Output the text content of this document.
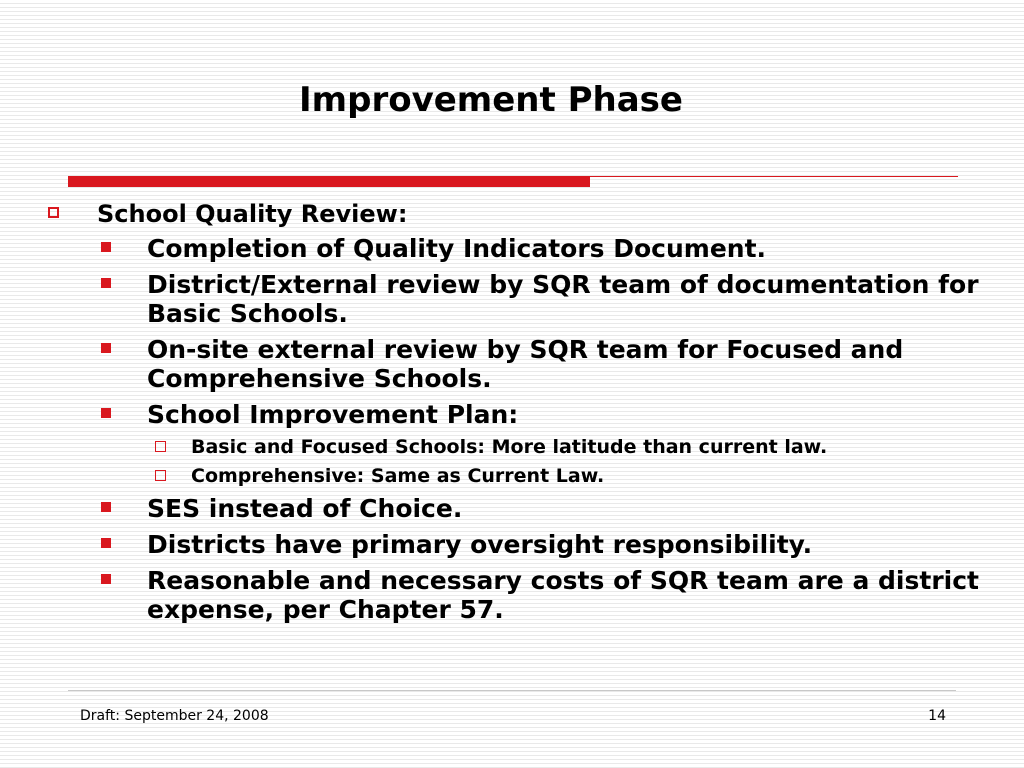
Improvement Phase
School Quality Review:
Completion of Quality Indicators Document.
District/External review by SQR team of documentation for Basic Schools.
On-site external review by SQR team for Focused and Comprehensive Schools.
School Improvement Plan:
Basic and Focused Schools: More latitude than current law.
Comprehensive: Same as Current Law.
SES instead of Choice.
Districts have primary oversight responsibility.
Reasonable and necessary costs of SQR team are a district expense, per Chapter 57.
Draft: September 24, 2008	14
